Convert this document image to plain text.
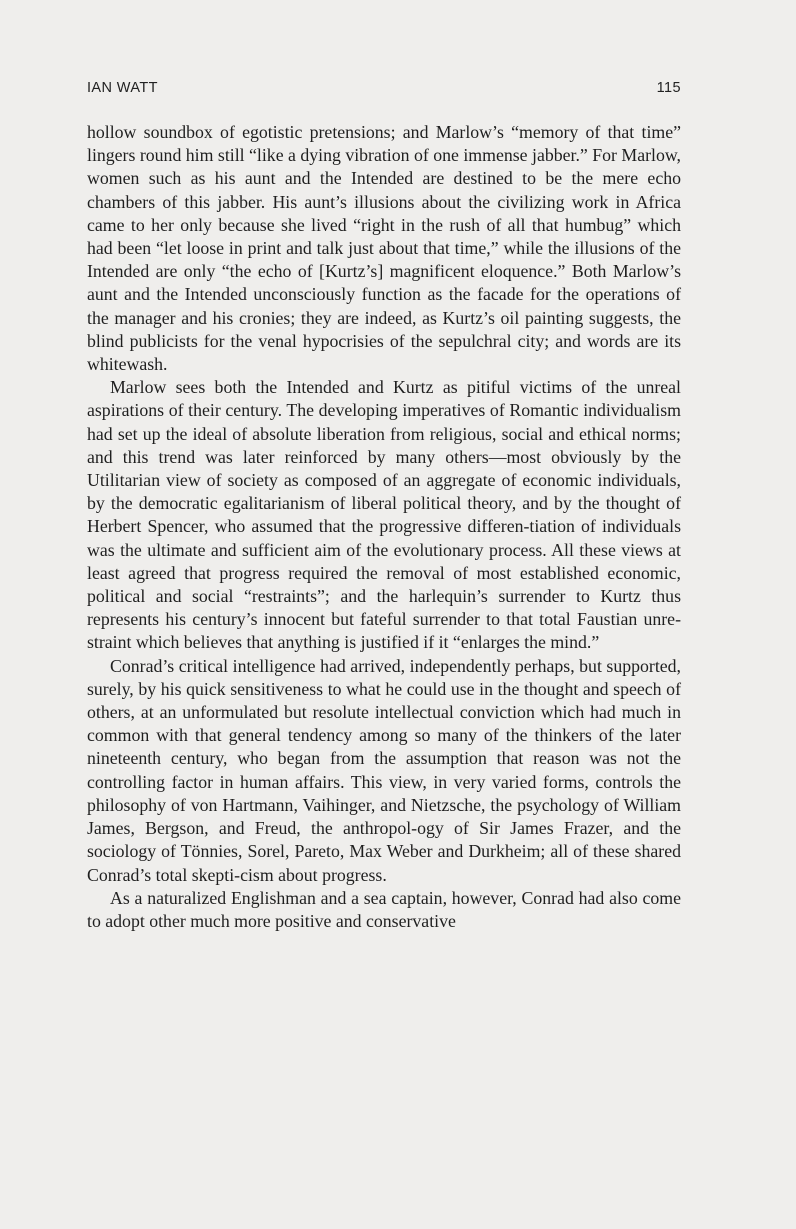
IAN WATT	115

hollow soundbox of egotistic pretensions; and Marlow’s “memory of that time” lingers round him still “like a dying vibration of one immense jabber.” For Marlow, women such as his aunt and the Intended are destined to be the mere echo chambers of this jabber. His aunt’s illusions about the civilizing work in Africa came to her only because she lived “right in the rush of all that humbug” which had been “let loose in print and talk just about that time,” while the illusions of the Intended are only “the echo of [Kurtz’s] magnificent eloquence.” Both Marlow’s aunt and the Intended unconsciously function as the facade for the operations of the manager and his cronies; they are indeed, as Kurtz’s oil painting suggests, the blind publicists for the venal hypocrisies of the sepulchral city; and words are its whitewash.

Marlow sees both the Intended and Kurtz as pitiful victims of the unreal aspirations of their century. The developing imperatives of Romantic individualism had set up the ideal of absolute liberation from religious, social and ethical norms; and this trend was later reinforced by many others—most obviously by the Utilitarian view of society as composed of an aggregate of economic individuals, by the democratic egalitarianism of liberal political theory, and by the thought of Herbert Spencer, who assumed that the progressive differen-tiation of individuals was the ultimate and sufficient aim of the evolutionary process. All these views at least agreed that progress required the removal of most established economic, political and social “restraints”; and the harlequin’s surrender to Kurtz thus represents his century’s innocent but fateful surrender to that total Faustian unre-straint which believes that anything is justified if it “enlarges the mind.”

Conrad’s critical intelligence had arrived, independently perhaps, but supported, surely, by his quick sensitiveness to what he could use in the thought and speech of others, at an unformulated but resolute intellectual conviction which had much in common with that general tendency among so many of the thinkers of the later nineteenth century, who began from the assumption that reason was not the controlling factor in human affairs. This view, in very varied forms, controls the philosophy of von Hartmann, Vaihinger, and Nietzsche, the psychology of William James, Bergson, and Freud, the anthropol-ogy of Sir James Frazer, and the sociology of Tönnies, Sorel, Pareto, Max Weber and Durkheim; all of these shared Conrad’s total skepti-cism about progress.

As a naturalized Englishman and a sea captain, however, Conrad had also come to adopt other much more positive and conservative
